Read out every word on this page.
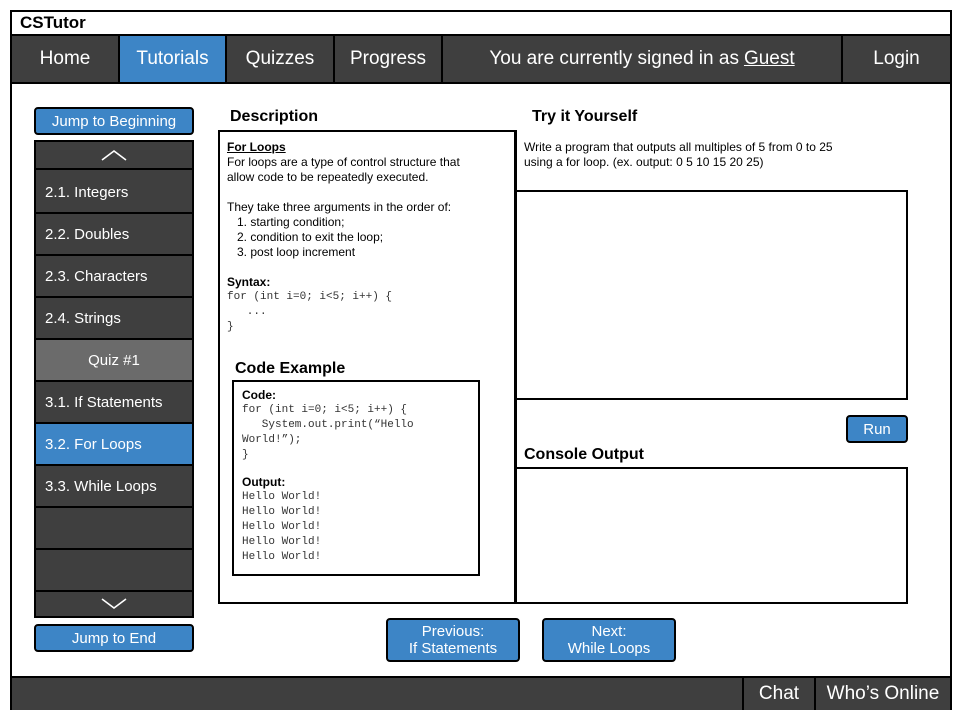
CSTutor
Home	Tutorials	Quizzes	Progress	You are currently signed in as Guest	Login
Jump to Beginning
2.1. Integers
2.2. Doubles
2.3. Characters
2.4. Strings
Quiz #1
3.1. If Statements
3.2. For Loops
3.3. While Loops
Jump to End
Description
For Loops
For loops are a type of control structure that
allow code to be repeatedly executed.
They take three arguments in the order of:
1. starting condition;
2. condition to exit the loop;
3. post loop increment
Syntax:
for (int i=0; i<5; i++) {
...
}
Code Example
Code:
for (int i=0; i<5; i++) {
System.out.print(“Hello
World!”);
}
Output:
Hello World!
Hello World!
Hello World!
Hello World!
Hello World!
Try it Yourself
Write a program that outputs all multiples of 5 from 0 to 25
using a for loop. (ex. output: 0 5 10 15 20 25)
Run
Console Output
Previous:
If Statements
Next:
While Loops
Chat	Who’s Online
